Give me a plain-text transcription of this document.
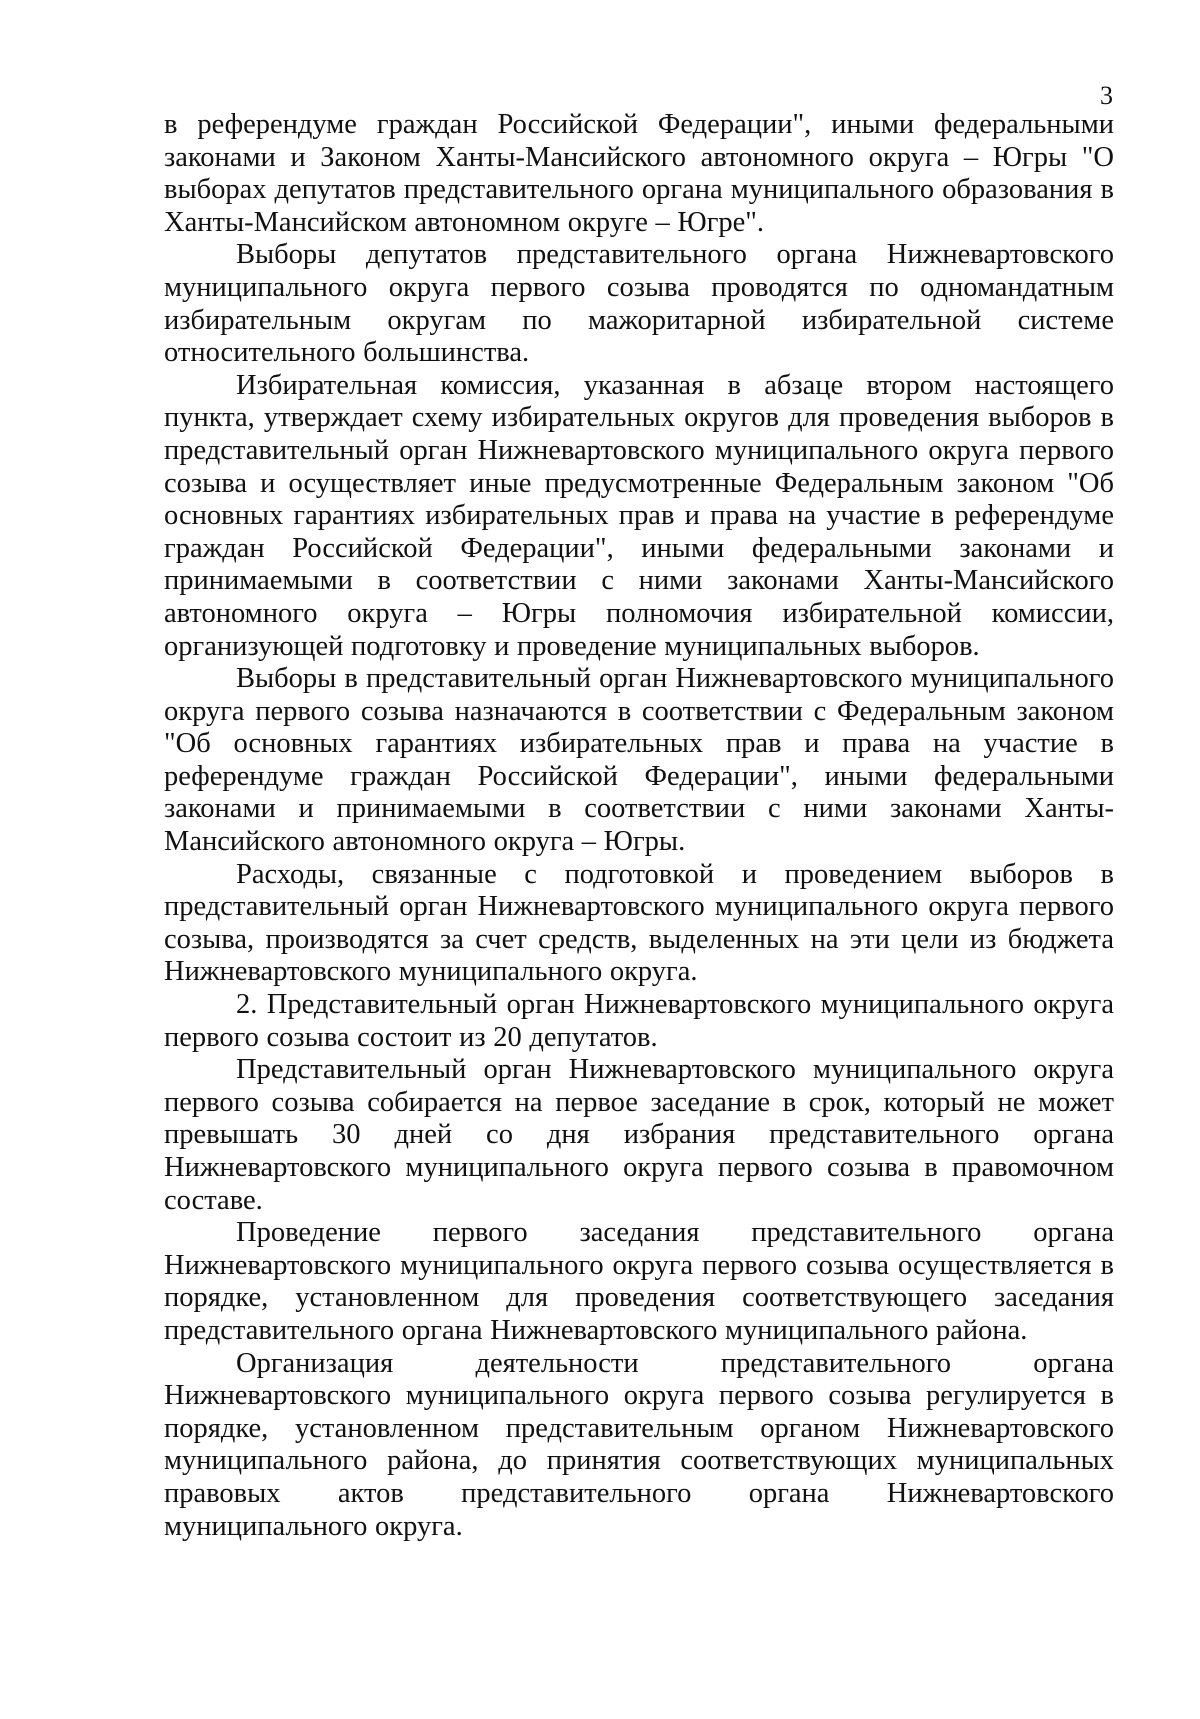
3

в референдуме граждан Российской Федерации", иными федеральными законами и Законом Ханты-Мансийского автономного округа – Югры "О выборах депутатов представительного органа муниципального образования в Ханты-Мансийском автономном округе – Югре".

Выборы депутатов представительного органа Нижневартовского муниципального округа первого созыва проводятся по одномандатным избирательным округам по мажоритарной избирательной системе относительного большинства.

Избирательная комиссия, указанная в абзаце втором настоящего пункта, утверждает схему избирательных округов для проведения выборов в представительный орган Нижневартовского муниципального округа первого созыва и осуществляет иные предусмотренные Федеральным законом "Об основных гарантиях избирательных прав и права на участие в референдуме граждан Российской Федерации", иными федеральными законами и принимаемыми в соответствии с ними законами Ханты-Мансийского автономного округа – Югры полномочия избирательной комиссии, организующей подготовку и проведение муниципальных выборов.

Выборы в представительный орган Нижневартовского муниципального округа первого созыва назначаются в соответствии с Федеральным законом "Об основных гарантиях избирательных прав и права на участие в референдуме граждан Российской Федерации", иными федеральными законами и принимаемыми в соответствии с ними законами Ханты-Мансийского автономного округа – Югры.

Расходы, связанные с подготовкой и проведением выборов в представительный орган Нижневартовского муниципального округа первого созыва, производятся за счет средств, выделенных на эти цели из бюджета Нижневартовского муниципального округа.

2. Представительный орган Нижневартовского муниципального округа первого созыва состоит из 20 депутатов.

Представительный орган Нижневартовского муниципального округа первого созыва собирается на первое заседание в срок, который не может превышать 30 дней со дня избрания представительного органа Нижневартовского муниципального округа первого созыва в правомочном составе.

Проведение первого заседания представительного органа Нижневартовского муниципального округа первого созыва осуществляется в порядке, установленном для проведения соответствующего заседания представительного органа Нижневартовского муниципального района.

Организация деятельности представительного органа Нижневартовского муниципального округа первого созыва регулируется в порядке, установленном представительным органом Нижневартовского муниципального района, до принятия соответствующих муниципальных правовых актов представительного органа Нижневартовского муниципального округа.
